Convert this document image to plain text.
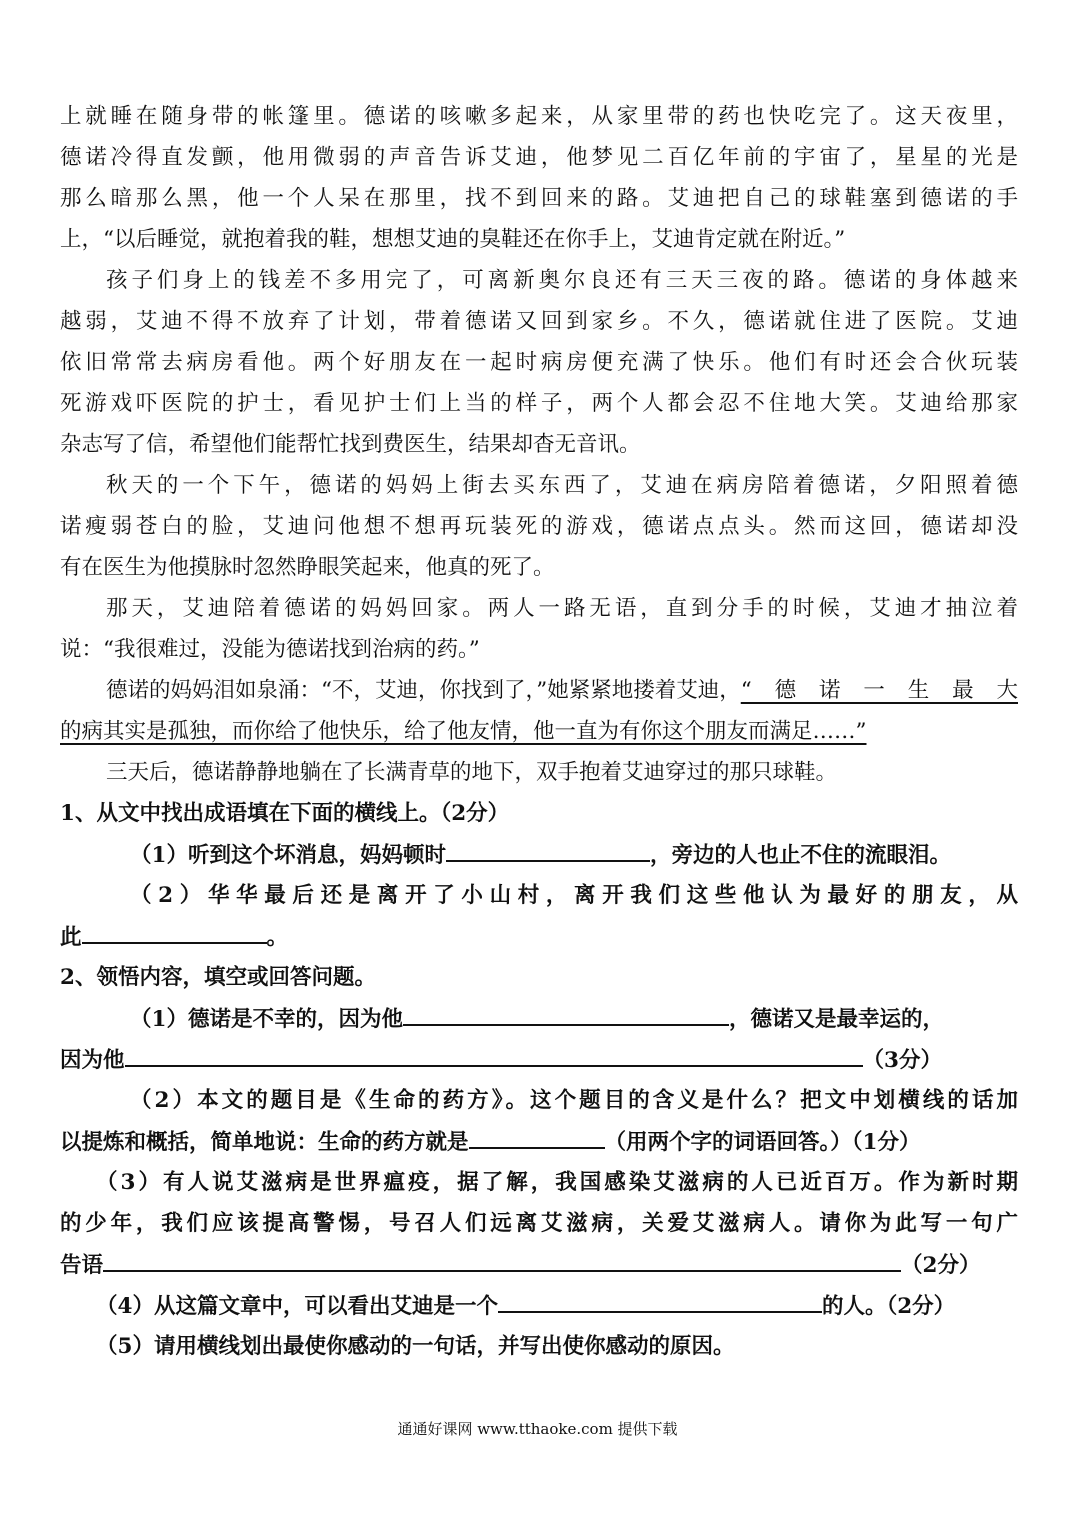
上就睡在随身带的帐篷里。德诺的咳嗽多起来，从家里带的药也快吃完了。这天夜里，
德诺冷得直发颤，他用微弱的声音告诉艾迪，他梦见二百亿年前的宇宙了，星星的光是
那么暗那么黑，他一个人呆在那里，找不到回来的路。艾迪把自己的球鞋塞到德诺的手
上，“以后睡觉，就抱着我的鞋，想想艾迪的臭鞋还在你手上，艾迪肯定就在附近。”
孩子们身上的钱差不多用完了，可离新奥尔良还有三天三夜的路。德诺的身体越来
越弱，艾迪不得不放弃了计划，带着德诺又回到家乡。不久，德诺就住进了医院。艾迪
依旧常常去病房看他。两个好朋友在一起时病房便充满了快乐。他们有时还会合伙玩装
死游戏吓医院的护士，看见护士们上当的样子，两个人都会忍不住地大笑。艾迪给那家
杂志写了信，希望他们能帮忙找到费医生，结果却杳无音讯。
秋天的一个下午，德诺的妈妈上街去买东西了，艾迪在病房陪着德诺，夕阳照着德
诺瘦弱苍白的脸，艾迪问他想不想再玩装死的游戏，德诺点点头。然而这回，德诺却没
有在医生为他摸脉时忽然睁眼笑起来，他真的死了。
那天，艾迪陪着德诺的妈妈回家。两人一路无语，直到分手的时候，艾迪才抽泣着
说：“我很难过，没能为德诺找到治病的药。”
德诺的妈妈泪如泉涌：“不，艾迪，你找到了，”她紧紧地搂着艾迪， “德诺一生最大
的病其实是孤独，而你给了他快乐，给了他友情，他一直为有你这个朋友而满足……”
三天后，德诺静静地躺在了长满青草的地下，双手抱着艾迪穿过的那只球鞋。
1、从文中找出成语填在下面的横线上。（2分）
（1）听到这个坏消息，妈妈顿时	，旁边的人也止不住的流眼泪。
（2）华华最后还是离开了小山村，离开我们这些他认为最好的朋友，从
此	。
2、领悟内容，填空或回答问题。
（1）德诺是不幸的，因为他	，德诺又是最幸运的，
因为他	（3分）
（2）本文的题目是《生命的药方》。这个题目的含义是什么？把文中划横线的话加
以提炼和概括，简单地说：生命的药方就是	（用两个字的词语回答。）（1分）
（3）有人说艾滋病是世界瘟疫，据了解，我国感染艾滋病的人已近百万。作为新时期
的少年，我们应该提高警惕，号召人们远离艾滋病，关爱艾滋病人。请你为此写一句广
告语	（2分）
（4）从这篇文章中，可以看出艾迪是一个	的人。（2分）
（5）请用横线划出最使你感动的一句话，并写出使你感动的原因。
通通好课网 www.tthaoke.com 提供下载
